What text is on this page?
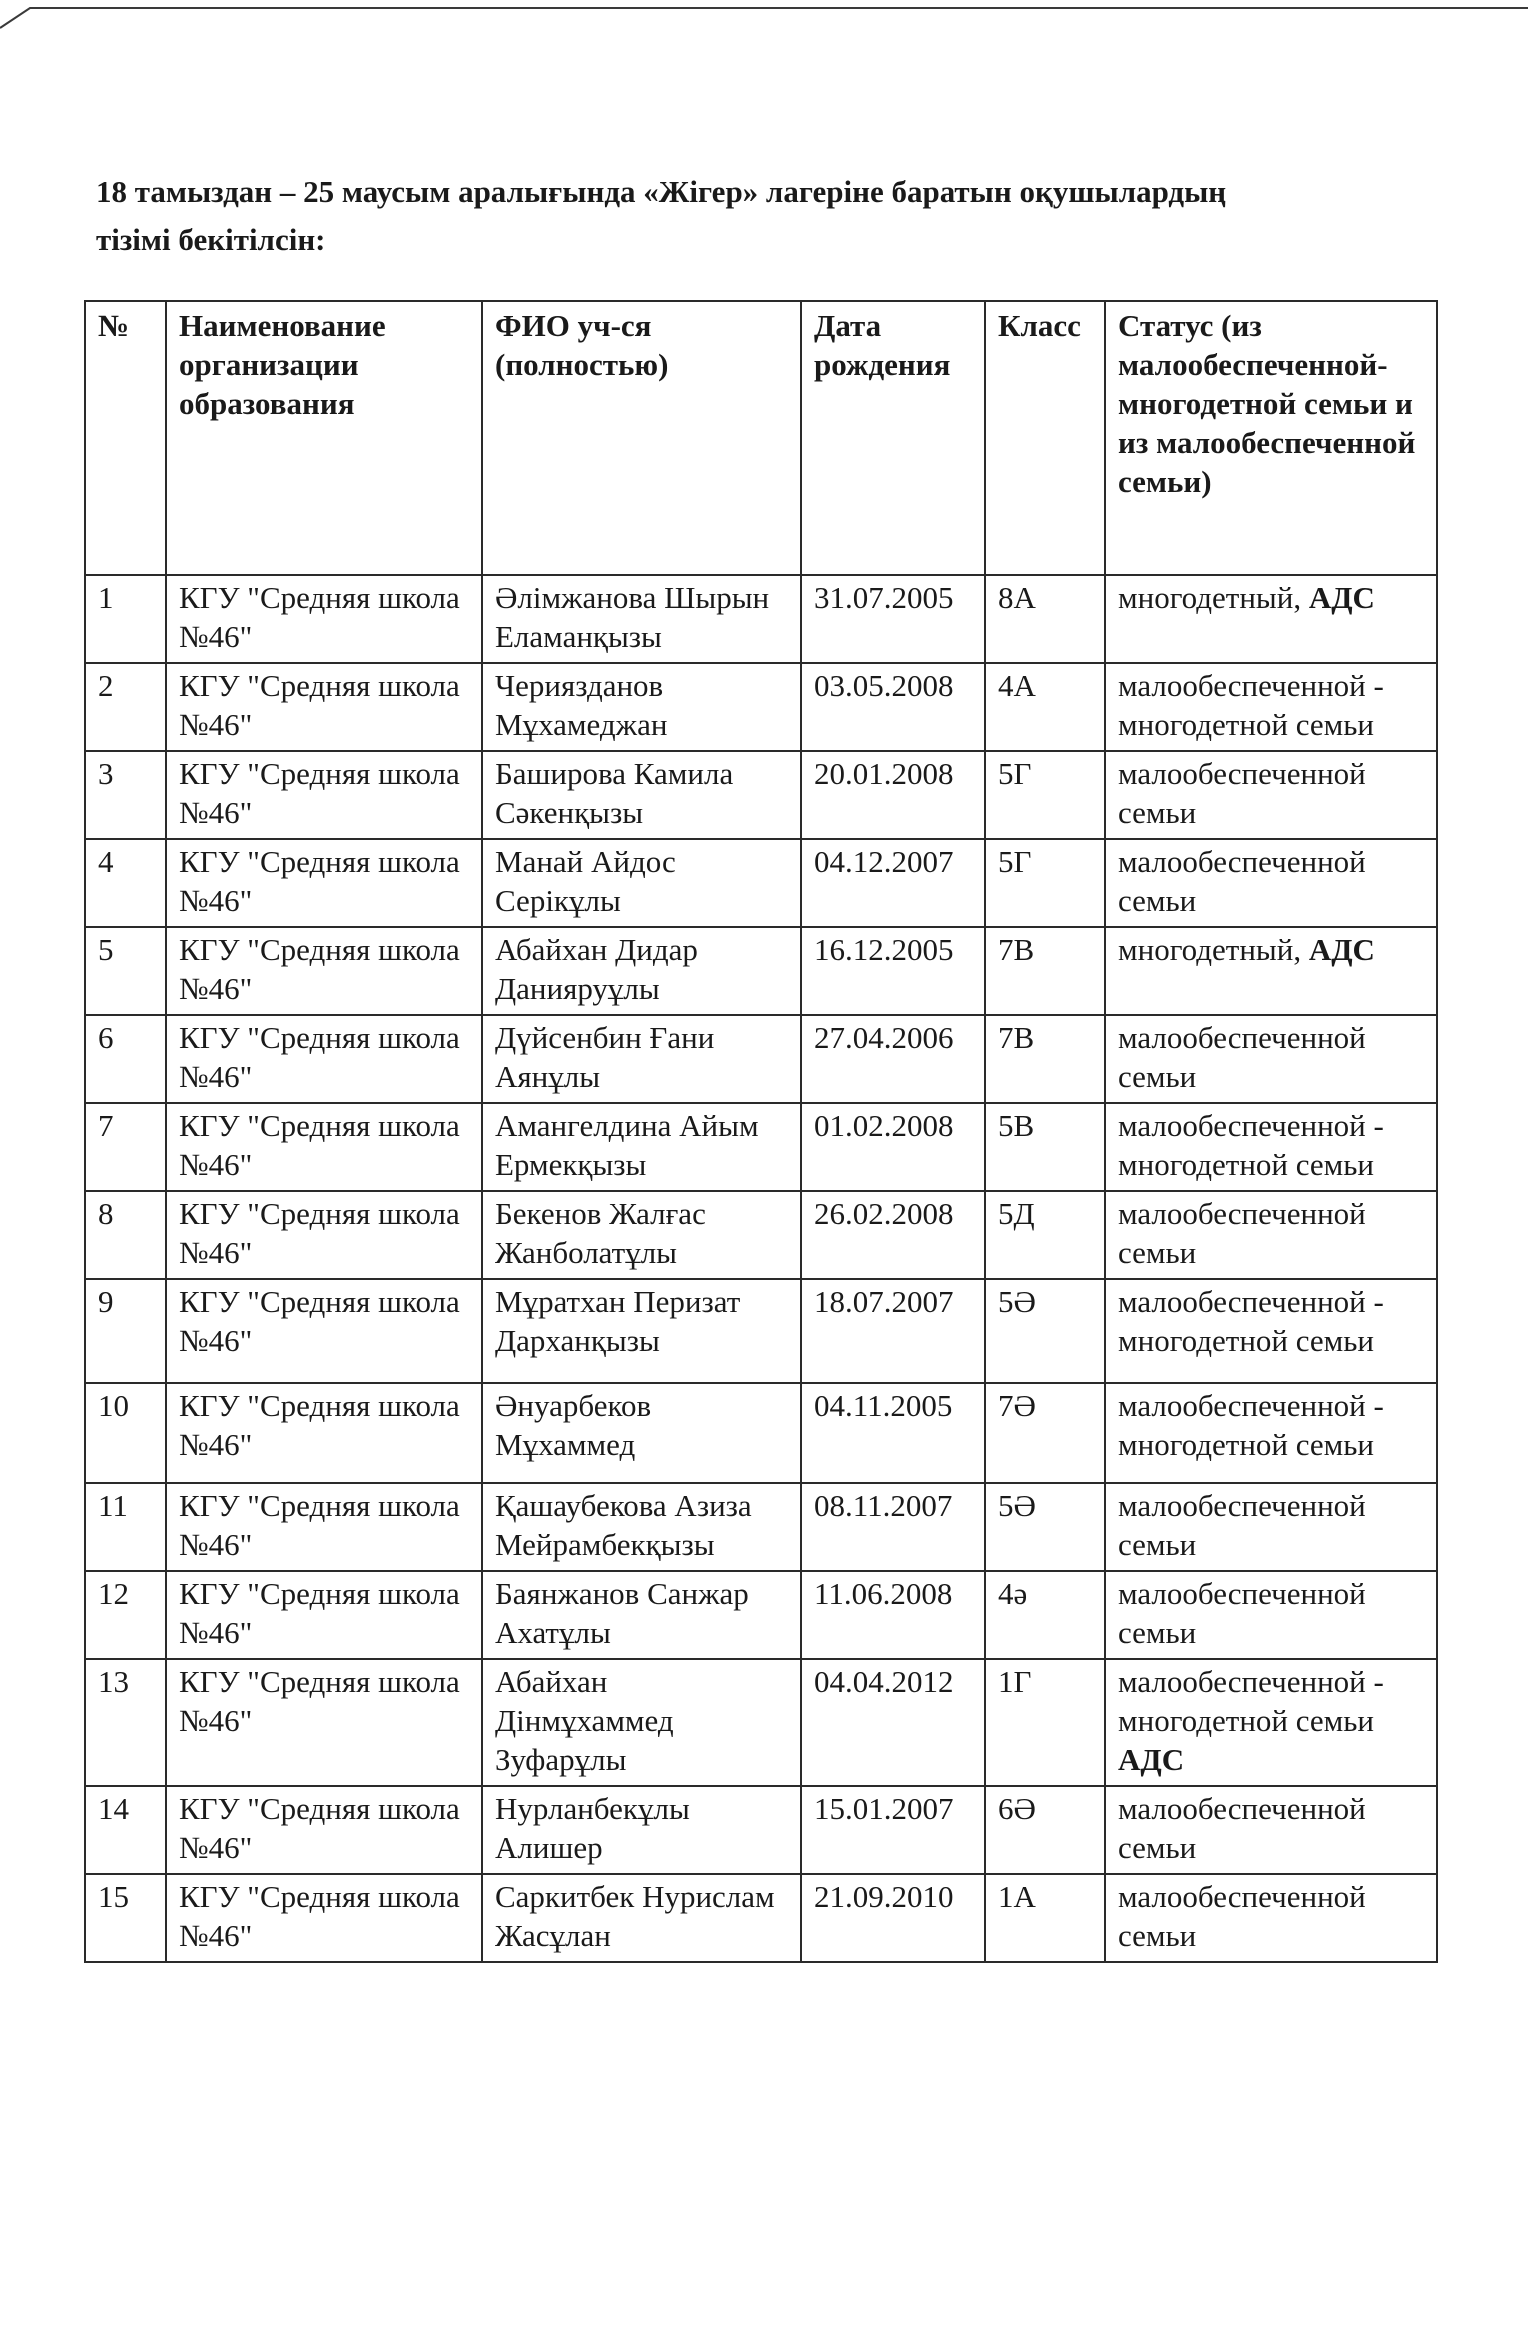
18 тамыздан – 25 маусым аралығында «Жігер» лагеріне баратын оқушылардың
тізімі бекітілсін:
№	Наименование организации образования	ФИО уч-ся (полностью)	Дата рождения	Класс	Статус (из малообеспеченной-многодетной семьи и из малообеспеченной семьи)
1	КГУ "Средняя школа №46"	Әлімжанова Шырын Еламанқызы	31.07.2005	8А	многодетный, АДС
2	КГУ "Средняя школа №46"	Чериязданов Мұхамеджан	03.05.2008	4А	малообеспеченной - многодетной семьи
3	КГУ "Средняя школа №46"	Баширова Камила Сәкенқызы	20.01.2008	5Г	малообеспеченной семьи
4	КГУ "Средняя школа №46"	Манай Айдос Серікұлы	04.12.2007	5Г	малообеспеченной семьи
5	КГУ "Средняя школа №46"	Абайхан Дидар Данияруұлы	16.12.2005	7В	многодетный, АДС
6	КГУ "Средняя школа №46"	Дүйсенбин Ғани Аянұлы	27.04.2006	7В	малообеспеченной семьи
7	КГУ "Средняя школа №46"	Амангелдина Айым Ермекқызы	01.02.2008	5В	малообеспеченной - многодетной семьи
8	КГУ "Средняя школа №46"	Бекенов Жалғас Жанболатұлы	26.02.2008	5Д	малообеспеченной семьи
9	КГУ "Средняя школа №46"	Мұратхан Перизат Дарханқызы	18.07.2007	5Ә	малообеспеченной - многодетной семьи
10	КГУ "Средняя школа №46"	Әнуарбеков Мұхаммед	04.11.2005	7Ә	малообеспеченной - многодетной семьи
11	КГУ "Средняя школа №46"	Қашаубекова Азиза Мейрамбекқызы	08.11.2007	5Ә	малообеспеченной семьи
12	КГУ "Средняя школа №46"	Баянжанов Санжар Ахатұлы	11.06.2008	4ә	малообеспеченной семьи
13	КГУ "Средняя школа №46"	Абайхан Дінмұхаммед Зуфарұлы	04.04.2012	1Г	малообеспеченной - многодетной семьи АДС
14	КГУ "Средняя школа №46"	Нурланбекұлы Алишер	15.01.2007	6Ә	малообеспеченной семьи
15	КГУ "Средняя школа №46"	Саркитбек Нурислам Жасұлан	21.09.2010	1А	малообеспеченной семьи
